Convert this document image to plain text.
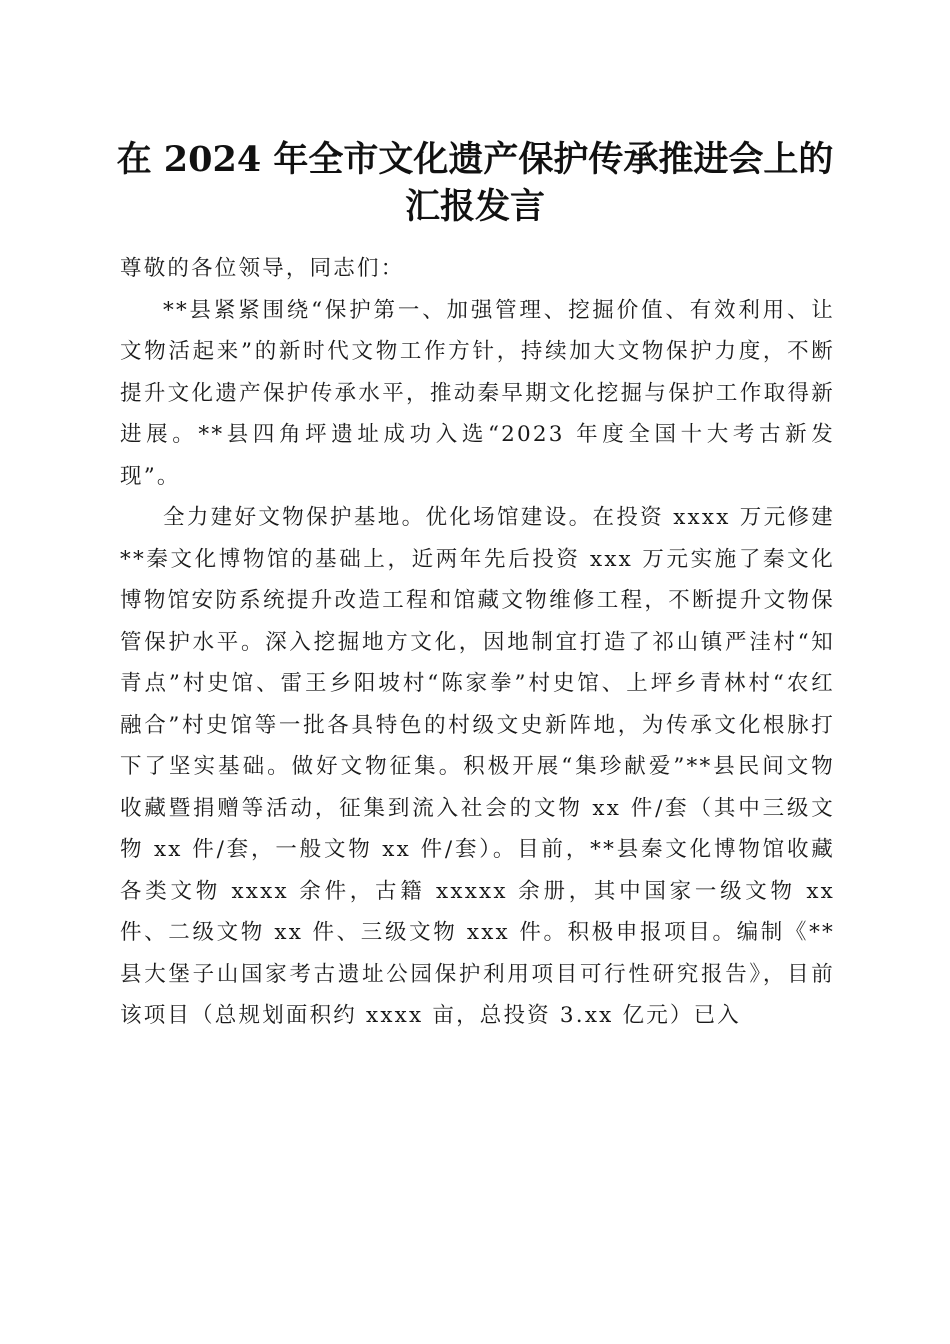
在 2024 年全市文化遗产保护传承推进会上的
汇报发言

尊敬的各位领导，同志们：

**县紧紧围绕“保护第一、加强管理、挖掘价值、有效利用、让文物活起来”的新时代文物工作方针，持续加大文物保护力度，不断提升文化遗产保护传承水平，推动秦早期文化挖掘与保护工作取得新进展。**县四角坪遗址成功入选“2023 年度全国十大考古新发现”。

全力建好文物保护基地。优化场馆建设。在投资 xxxx 万元修建**秦文化博物馆的基础上，近两年先后投资 xxx 万元实施了秦文化博物馆安防系统提升改造工程和馆藏文物维修工程，不断提升文物保管保护水平。深入挖掘地方文化，因地制宜打造了祁山镇严洼村“知青点”村史馆、雷王乡阳坡村“陈家拳”村史馆、上坪乡青林村“农红融合”村史馆等一批各具特色的村级文史新阵地，为传承文化根脉打下了坚实基础。做好文物征集。积极开展“集珍献爱”**县民间文物收藏暨捐赠等活动，征集到流入社会的文物 xx 件/套（其中三级文物 xx 件/套，一般文物 xx 件/套）。目前，**县秦文化博物馆收藏各类文物 xxxx 余件，古籍 xxxxx 余册，其中国家一级文物 xx 件、二级文物 xx 件、三级文物 xxx 件。积极申报项目。编制《**县大堡子山国家考古遗址公园保护利用项目可行性研究报告》，目前该项目（总规划面积约 xxxx 亩，总投资 3.xx 亿元）已入
